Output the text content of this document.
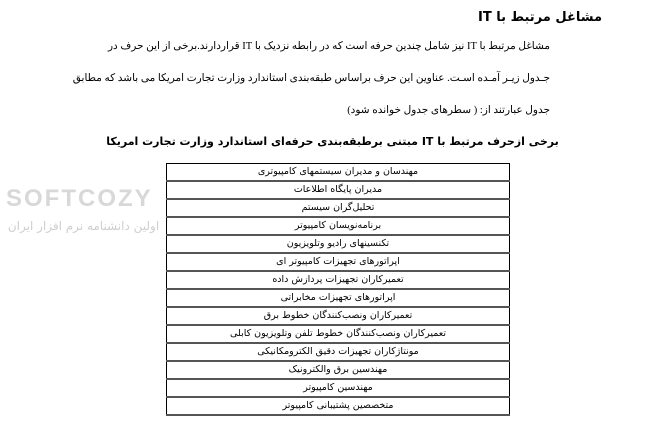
مشاغل مرتبط با IT
مشاغل مرتبط با IT نیز شامل چندین حرفه است که در رابطه نزدیک با IT قراردارند.برخی از این حرف در
جـدول زیـر آمـده اسـت. عناوین این حرف براساس طبقه‌بندی استاندارد وزارت تجارت امریکا می باشد که مطابق
جدول عبارتند از: ( سطرهای جدول خوانده شود)
برخی ازحرف مرتبط با IT مبتنی برطبقه‌بندی حرفه‌ای استاندارد وزارت تجارت امریکا
SOFTCOZY
اولین دانشنامه نرم افزار ایران
مهندسان و مدیران سیستمهای کامپیوتری
مدیران پایگاه اطلاعات
تحلیل‌گران سیستم
برنامه‌نویسان کامپیوتر
تکنسینهای رادیو وتلویزیون
اپراتورهای تجهیزات کامپیوتر ای
تعمیرکاران تجهیزات پردازش داده
اپراتورهای تجهیزات مخابراتی
تعمیرکاران ونصب‌کنندگان خطوط برق
تعمیرکاران ونصب‌کنندگان خطوط تلفن وتلویزیون کابلی
مونتاژکاران تجهیزات دقیق الکترومکانیکی
مهندسین برق والکترونیک
مهندسین کامپیوتر
متخصصین پشتیبانی کامپیوتر
